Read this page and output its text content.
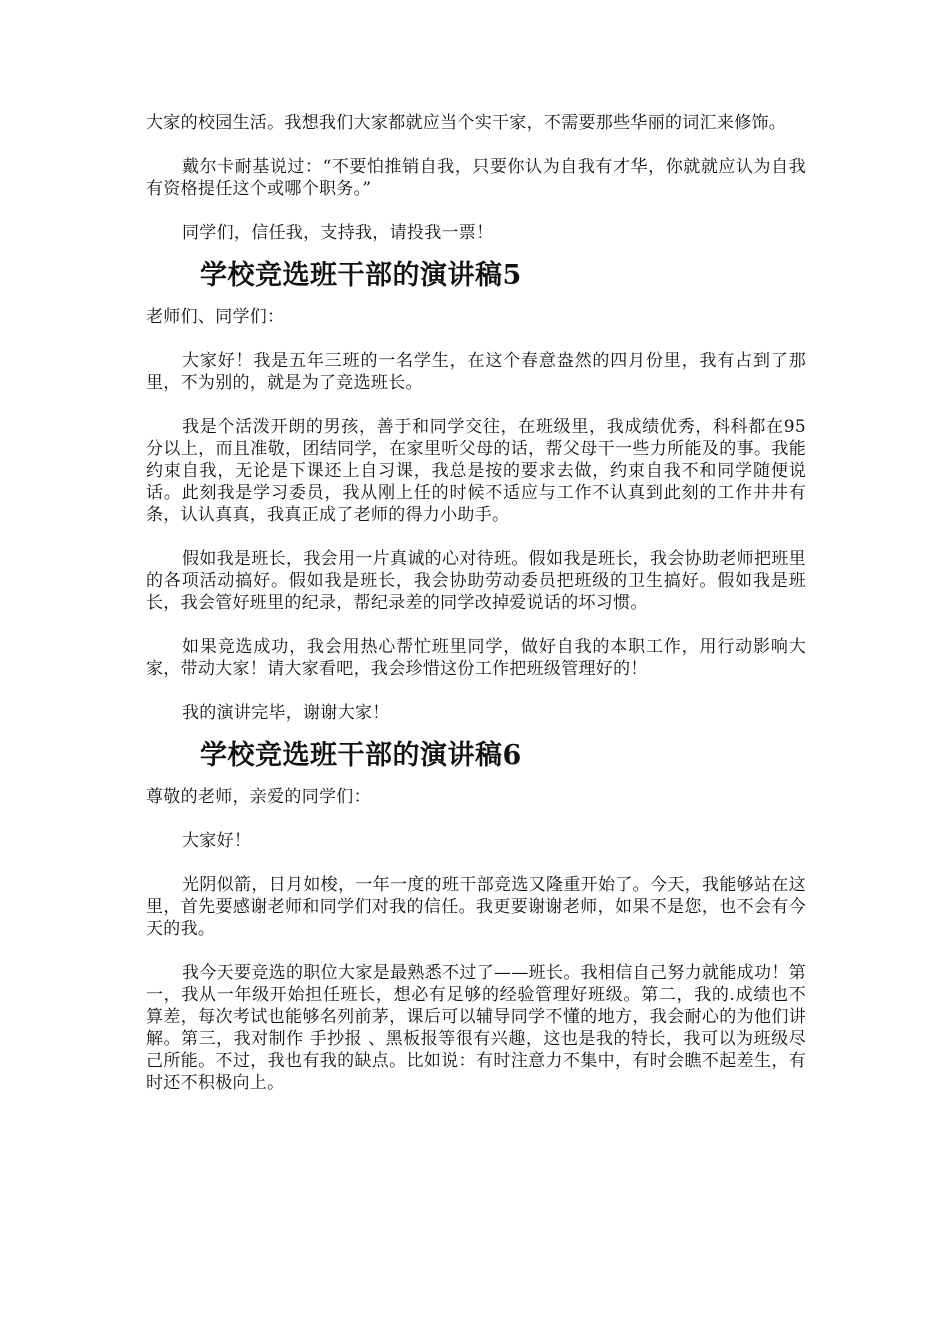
大家的校园生活。我想我们大家都就应当个实干家，不需要那些华丽的词汇来修饰。

戴尔卡耐基说过：“不要怕推销自我，只要你认为自我有才华，你就就应认为自我有资格提任这个或哪个职务。”

同学们，信任我，支持我，请投我一票！

学校竞选班干部的演讲稿5

老师们、同学们：

大家好！我是五年三班的一名学生，在这个春意盎然的四月份里，我有占到了那里，不为别的，就是为了竞选班长。

我是个活泼开朗的男孩，善于和同学交往，在班级里，我成绩优秀，科科都在95分以上，而且准敬，团结同学，在家里听父母的话，帮父母干一些力所能及的事。我能约束自我，无论是下课还上自习课，我总是按的要求去做，约束自我不和同学随便说话。此刻我是学习委员，我从刚上任的时候不适应与工作不认真到此刻的工作井井有条，认认真真，我真正成了老师的得力小助手。

假如我是班长，我会用一片真诚的心对待班。假如我是班长，我会协助老师把班里的各项活动搞好。假如我是班长，我会协助劳动委员把班级的卫生搞好。假如我是班长，我会管好班里的纪录，帮纪录差的同学改掉爱说话的坏习惯。

如果竞选成功，我会用热心帮忙班里同学，做好自我的本职工作，用行动影响大家，带动大家！请大家看吧，我会珍惜这份工作把班级管理好的！

我的演讲完毕，谢谢大家！

学校竞选班干部的演讲稿6

尊敬的老师，亲爱的同学们：

大家好！

光阴似箭，日月如梭，一年一度的班干部竞选又隆重开始了。今天，我能够站在这里，首先要感谢老师和同学们对我的信任。我更要谢谢老师，如果不是您，也不会有今天的我。

我今天要竞选的职位大家是最熟悉不过了——班长。我相信自己努力就能成功！第一，我从一年级开始担任班长，想必有足够的经验管理好班级。第二，我的.成绩也不算差，每次考试也能够名列前茅，课后可以辅导同学不懂的地方，我会耐心的为他们讲解。第三，我对制作 手抄报 、黑板报等很有兴趣，这也是我的特长，我可以为班级尽己所能。不过，我也有我的缺点。比如说：有时注意力不集中，有时会瞧不起差生，有时还不积极向上。
